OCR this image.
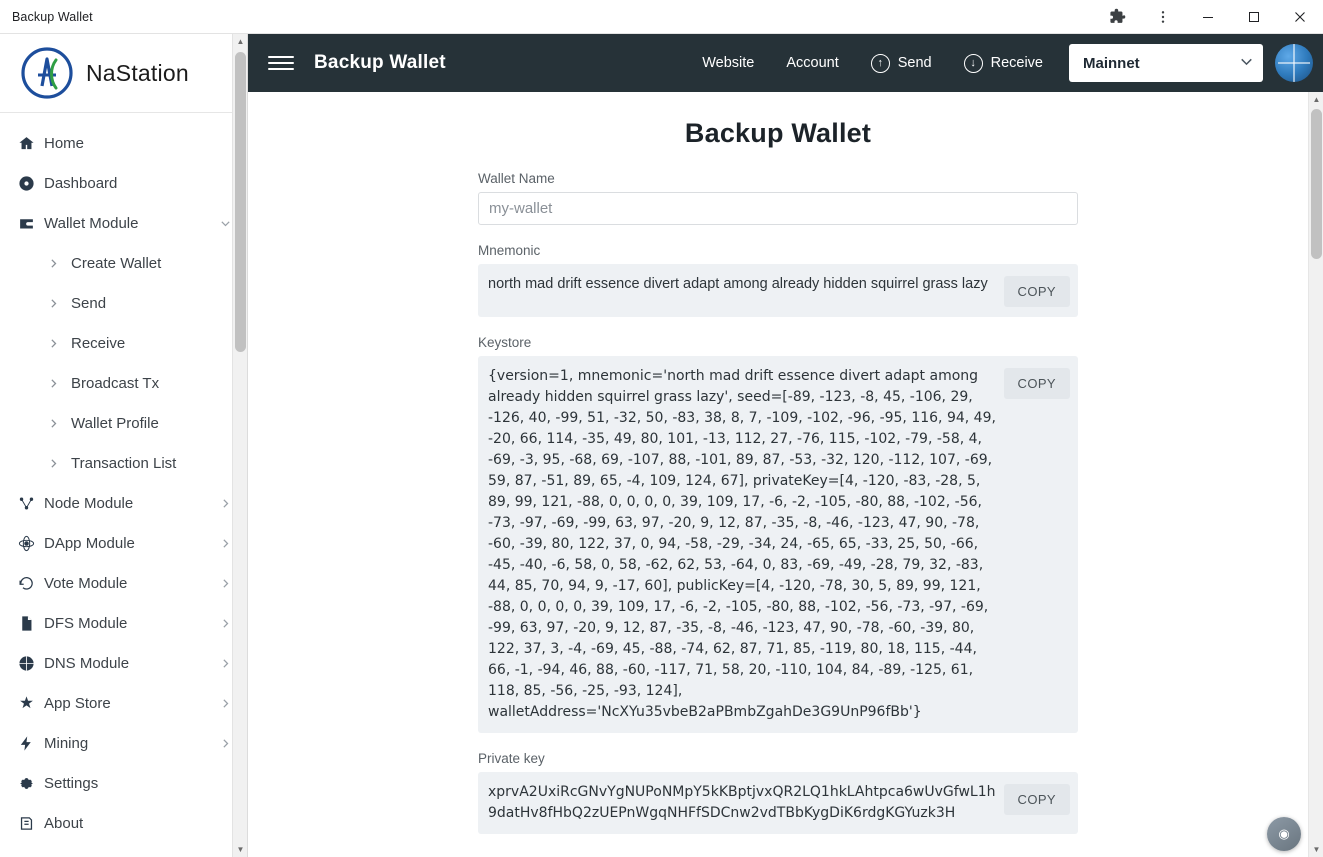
Backup Wallet
NaStation
Home
Dashboard
Wallet Module
Create Wallet
Send
Receive
Broadcast Tx
Wallet Profile
Transaction List
Node Module
DApp Module
Vote Module
DFS Module
DNS Module
App Store
Mining
Settings
About
▲
▼
Backup Wallet	Website Account	↑	Send	↓	Receive	Mainnet
Backup Wallet
Wallet Name
my-wallet
Mnemonic
north mad drift essence divert adapt among already hidden squirrel grass lazy	COPY
Keystore
{version=1, mnemonic='north mad drift essence divert adapt among already hidden squirrel grass lazy', seed=[-89, -123, -8, 45, -106, 29, -126, 40, -99, 51, -32, 50, -83, 38, 8, 7, -109, -102, -96, -95, 116, 94, 49, -20, 66, 114, -35, 49, 80, 101, -13, 112, 27, -76, 115, -102, -79, -58, 4, -69, -3, 95, -68, 69, -107, 88, -101, 89, 87, -53, -32, 120, -112, 107, -69, 59, 87, -51, 89, 65, -4, 109, 124, 67], privateKey=[4, -120, -83, -28, 5, 89, 99, 121, -88, 0, 0, 0, 0, 39, 109, 17, -6, -2, -105, -80, 88, -102, -56, -73, -97, -69, -99, 63, 97, -20, 9, 12, 87, -35, -8, -46, -123, 47, 90, -78, -60, -39, 80, 122, 37, 0, 94, -58, -29, -34, 24, -65, 65, -33, 25, 50, -66, -45, -40, -6, 58, 0, 58, -62, 62, 53, -64, 0, 83, -69, -49, -28, 79, 32, -83, 44, 85, 70, 94, 9, -17, 60], publicKey=[4, -120, -78, 30, 5, 89, 99, 121, -88, 0, 0, 0, 0, 39, 109, 17, -6, -2, -105, -80, 88, -102, -56, -73, -97, -69, -99, 63, 97, -20, 9, 12, 87, -35, -8, -46, -123, 47, 90, -78, -60, -39, 80, 122, 37, 3, -4, -69, 45, -88, -74, 62, 87, 71, 85, -119, 80, 18, 115, -44, 66, -1, -94, 46, 88, -60, -117, 71, 58, 20, -110, 104, 84, -89, -125, 61, 118, 85, -56, -25, -93, 124], walletAddress='NcXYu35vbeB2aPBmbZgahDe3G9UnP96fBb'}
COPY
Private key
xprvA2UxiRcGNvYgNUPoNMpY5kKBptjvxQR2LQ1hkLAhtpca6wUvGfwL1h9datHv8fHbQ2zUEPnWgqNHFfSDCnw2vdTBbKygDiK6rdgKGYuzk3H
COPY
▲
▼
◉
